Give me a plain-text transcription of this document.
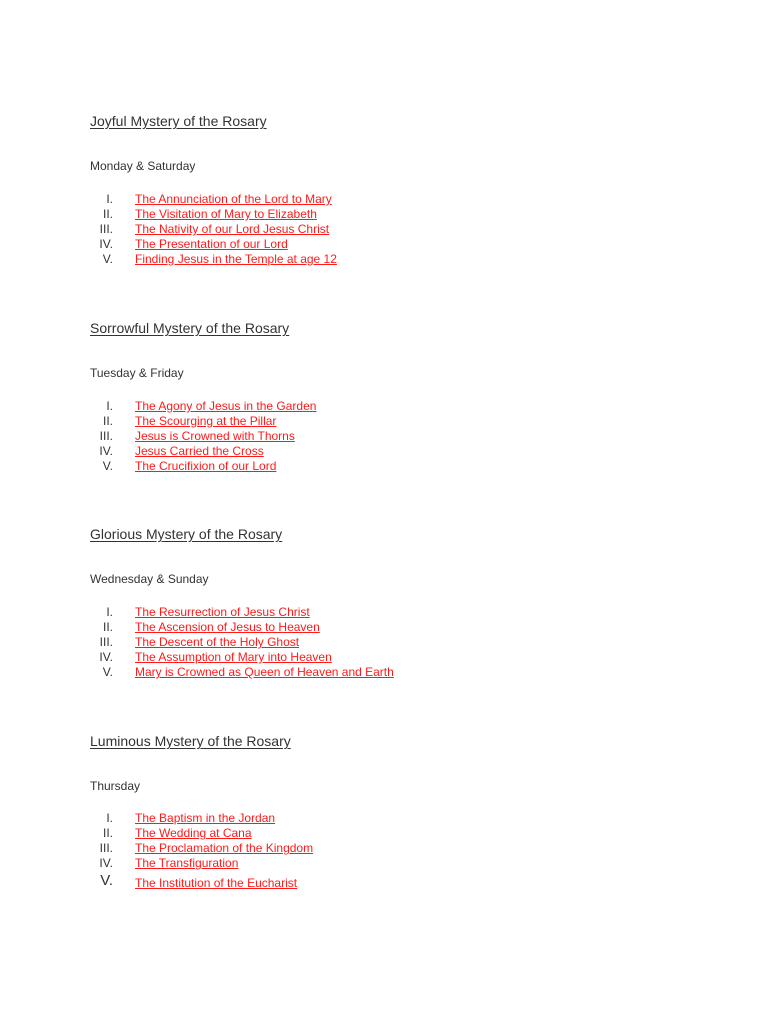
Joyful Mystery of the Rosary
Monday & Saturday
I. The Annunciation of the Lord to Mary
II. The Visitation of Mary to Elizabeth
III. The Nativity of our Lord Jesus Christ
IV. The Presentation of our Lord
V. Finding Jesus in the Temple at age 12
Sorrowful Mystery of the Rosary
Tuesday & Friday
I. The Agony of Jesus in the Garden
II. The Scourging at the Pillar
III. Jesus is Crowned with Thorns
IV. Jesus Carried the Cross
V. The Crucifixion of our Lord
Glorious Mystery of the Rosary
Wednesday & Sunday
I. The Resurrection of Jesus Christ
II. The Ascension of Jesus to Heaven
III. The Descent of the Holy Ghost
IV. The Assumption of Mary into Heaven
V. Mary is Crowned as Queen of Heaven and Earth
Luminous Mystery of the Rosary
Thursday
I. The Baptism in the Jordan
II. The Wedding at Cana
III. The Proclamation of the Kingdom
IV. The Transfiguration
V. The Institution of the Eucharist
